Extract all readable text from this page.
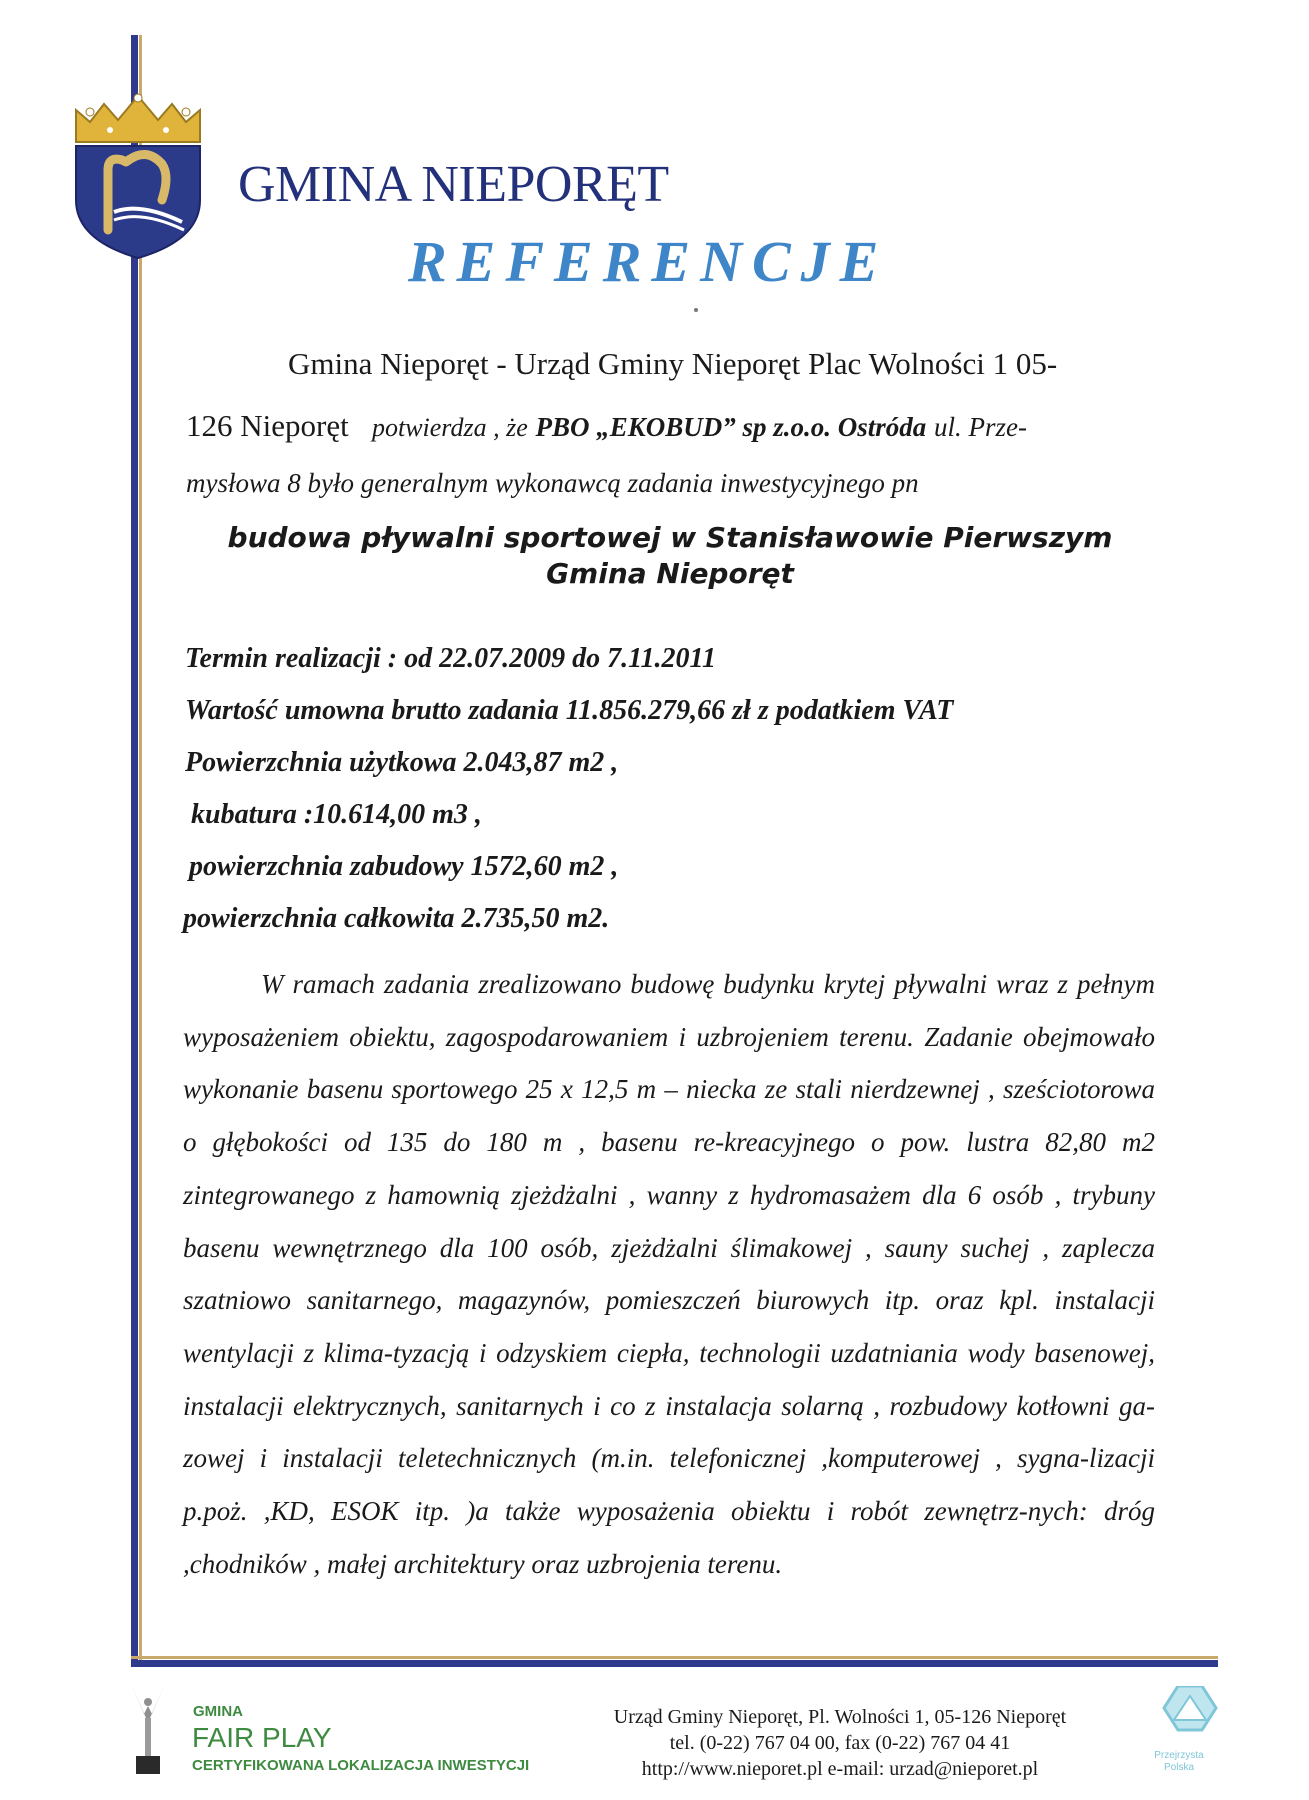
GMINA NIEPORĘT
REFERENCJE
Gmina Nieporęt - Urząd Gminy Nieporęt Plac Wolności 1 05-
126 Nieporęt potwierdza , że PBO „EKOBUD” sp z.o.o. Ostróda ul. Prze-
mysłowa 8 było generalnym wykonawcą zadania inwestycyjnego pn
budowa pływalni sportowej w Stanisławowie Pierwszym
Gmina Nieporęt
Termin realizacji : od 22.07.2009 do 7.11.2011
Wartość umowna brutto zadania 11.856.279,66 zł z podatkiem VAT
Powierzchnia użytkowa 2.043,87 m2 ,
kubatura :10.614,00 m3 ,
powierzchnia zabudowy 1572,60 m2 ,
powierzchnia całkowita 2.735,50 m2.
W ramach zadania zrealizowano budowę budynku krytej pływalni wraz z pełnym wyposażeniem obiektu, zagospodarowaniem i uzbrojeniem terenu. Zadanie obejmowało wykonanie basenu sportowego 25 x 12,5 m – niecka ze stali nierdzewnej , sześciotorowa o głębokości od 135 do 180 m , basenu re-kreacyjnego o pow. lustra 82,80 m2 zintegrowanego z hamownią zjeżdżalni , wanny z hydromasażem dla 6 osób , trybuny basenu wewnętrznego dla 100 osób, zjeżdżalni ślimakowej , sauny suchej , zaplecza szatniowo sanitarnego, magazynów, pomieszczeń biurowych itp. oraz kpl. instalacji wentylacji z klima-tyzacją i odzyskiem ciepła, technologii uzdatniania wody basenowej, instalacji elektrycznych, sanitarnych i co z instalacja solarną , rozbudowy kotłowni ga-zowej i instalacji teletechnicznych (m.in. telefonicznej ,komputerowej , sygna-lizacji p.poż. ,KD, ESOK itp. )a także wyposażenia obiektu i robót zewnętrz-nych: dróg ,chodników , małej architektury oraz uzbrojenia terenu.
GMINA
FAIR PLAY
CERTYFIKOWANA LOKALIZACJA INWESTYCJI
Urząd Gminy Nieporęt, Pl. Wolności 1, 05-126 Nieporęt
tel. (0-22) 767 04 00, fax (0-22) 767 04 41
http://www.nieporet.pl e-mail: urzad@nieporet.pl
Przejrzysta Polska
